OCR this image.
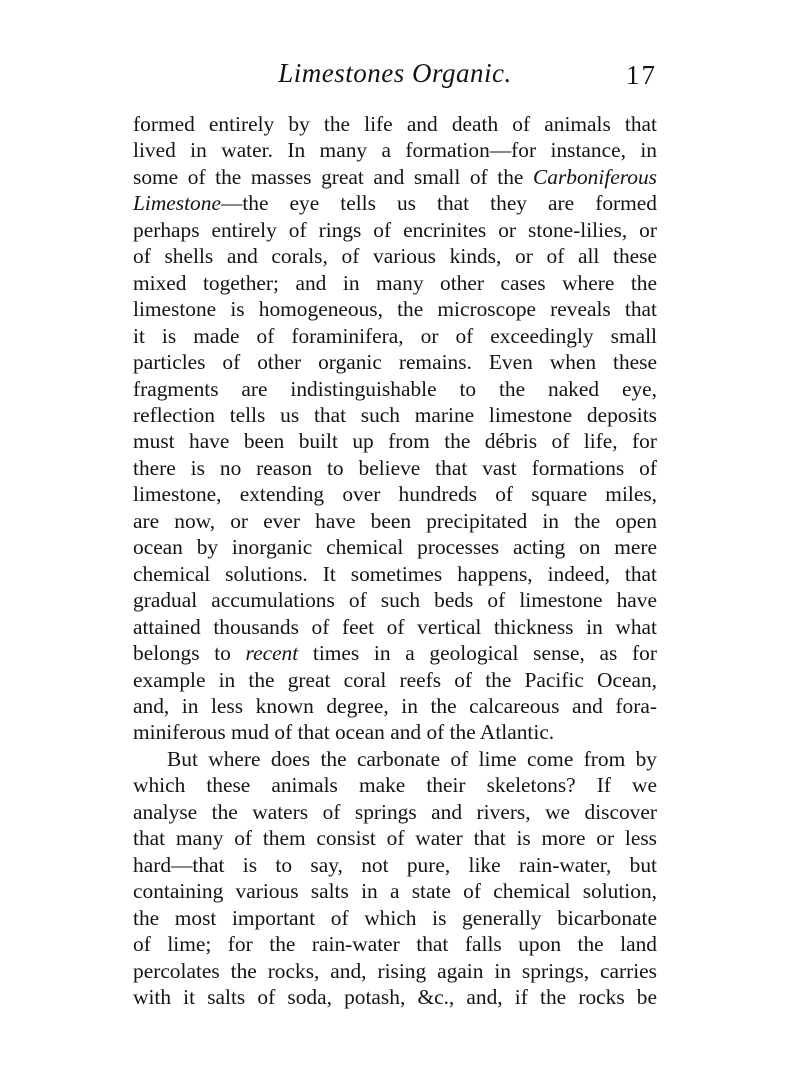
Limestones Organic.	17
formed entirely by the life and death of animals that
lived in water. In many a formation—for instance, in
some of the masses great and small of the Carboniferous
Limestone—the eye tells us that they are formed
perhaps entirely of rings of encrinites or stone-lilies, or
of shells and corals, of various kinds, or of all these
mixed together; and in many other cases where the
limestone is homogeneous, the microscope reveals that
it is made of foraminifera, or of exceedingly small
particles of other organic remains. Even when these
fragments are indistinguishable to the naked eye,
reflection tells us that such marine limestone deposits
must have been built up from the débris of life, for
there is no reason to believe that vast formations of
limestone, extending over hundreds of square miles,
are now, or ever have been precipitated in the open
ocean by inorganic chemical processes acting on mere
chemical solutions. It sometimes happens, indeed, that
gradual accumulations of such beds of limestone have
attained thousands of feet of vertical thickness in what
belongs to recent times in a geological sense, as for
example in the great coral reefs of the Pacific Ocean,
and, in less known degree, in the calcareous and fora-
miniferous mud of that ocean and of the Atlantic.
But where does the carbonate of lime come from by
which these animals make their skeletons? If we
analyse the waters of springs and rivers, we discover
that many of them consist of water that is more or less
hard—that is to say, not pure, like rain-water, but
containing various salts in a state of chemical solution,
the most important of which is generally bicarbonate
of lime; for the rain-water that falls upon the land
percolates the rocks, and, rising again in springs, carries
with it salts of soda, potash, &c., and, if the rocks be
